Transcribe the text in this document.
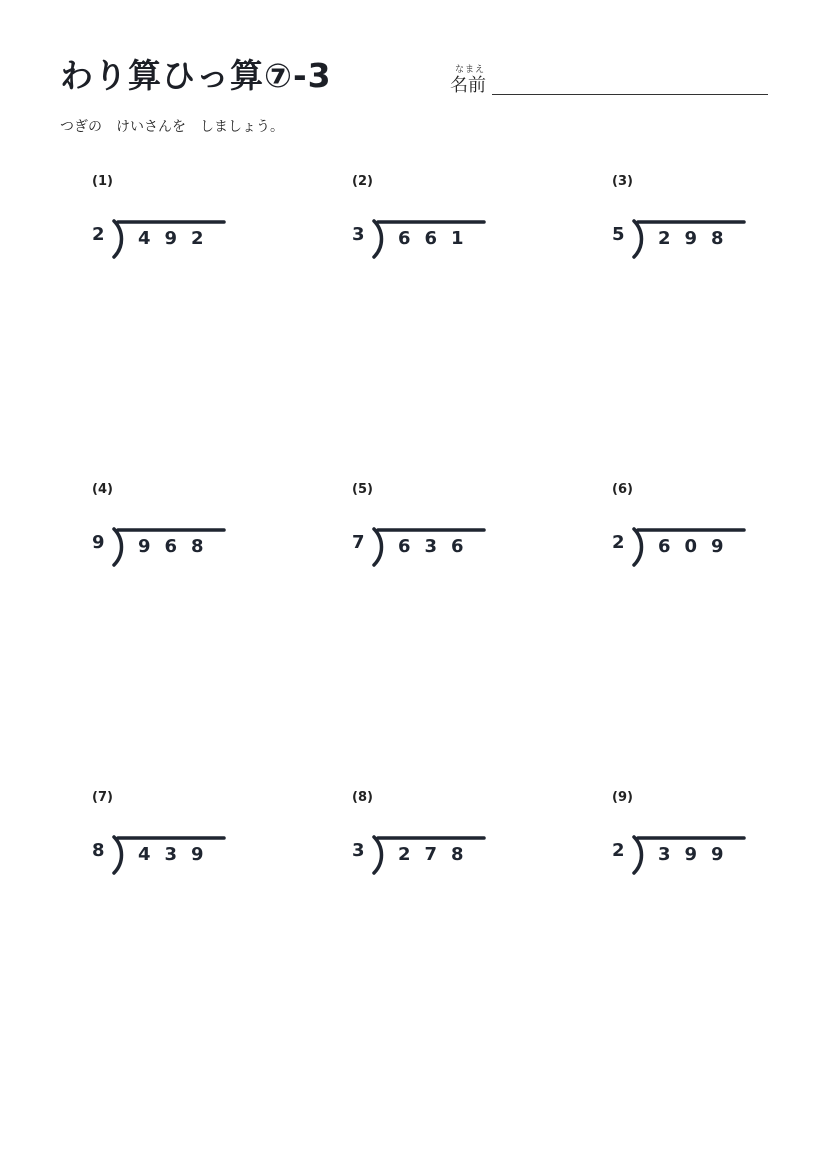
わり算ひっ算⑦-3	なまえ
名前
つぎの　けいさんを　しましょう。
(1)
2 492
(2)
3 661
(3)
5 298
(4)
9 968
(5)
7 636
(6)
2 609
(7)
8 439
(8)
3 278
(9)
2 399
